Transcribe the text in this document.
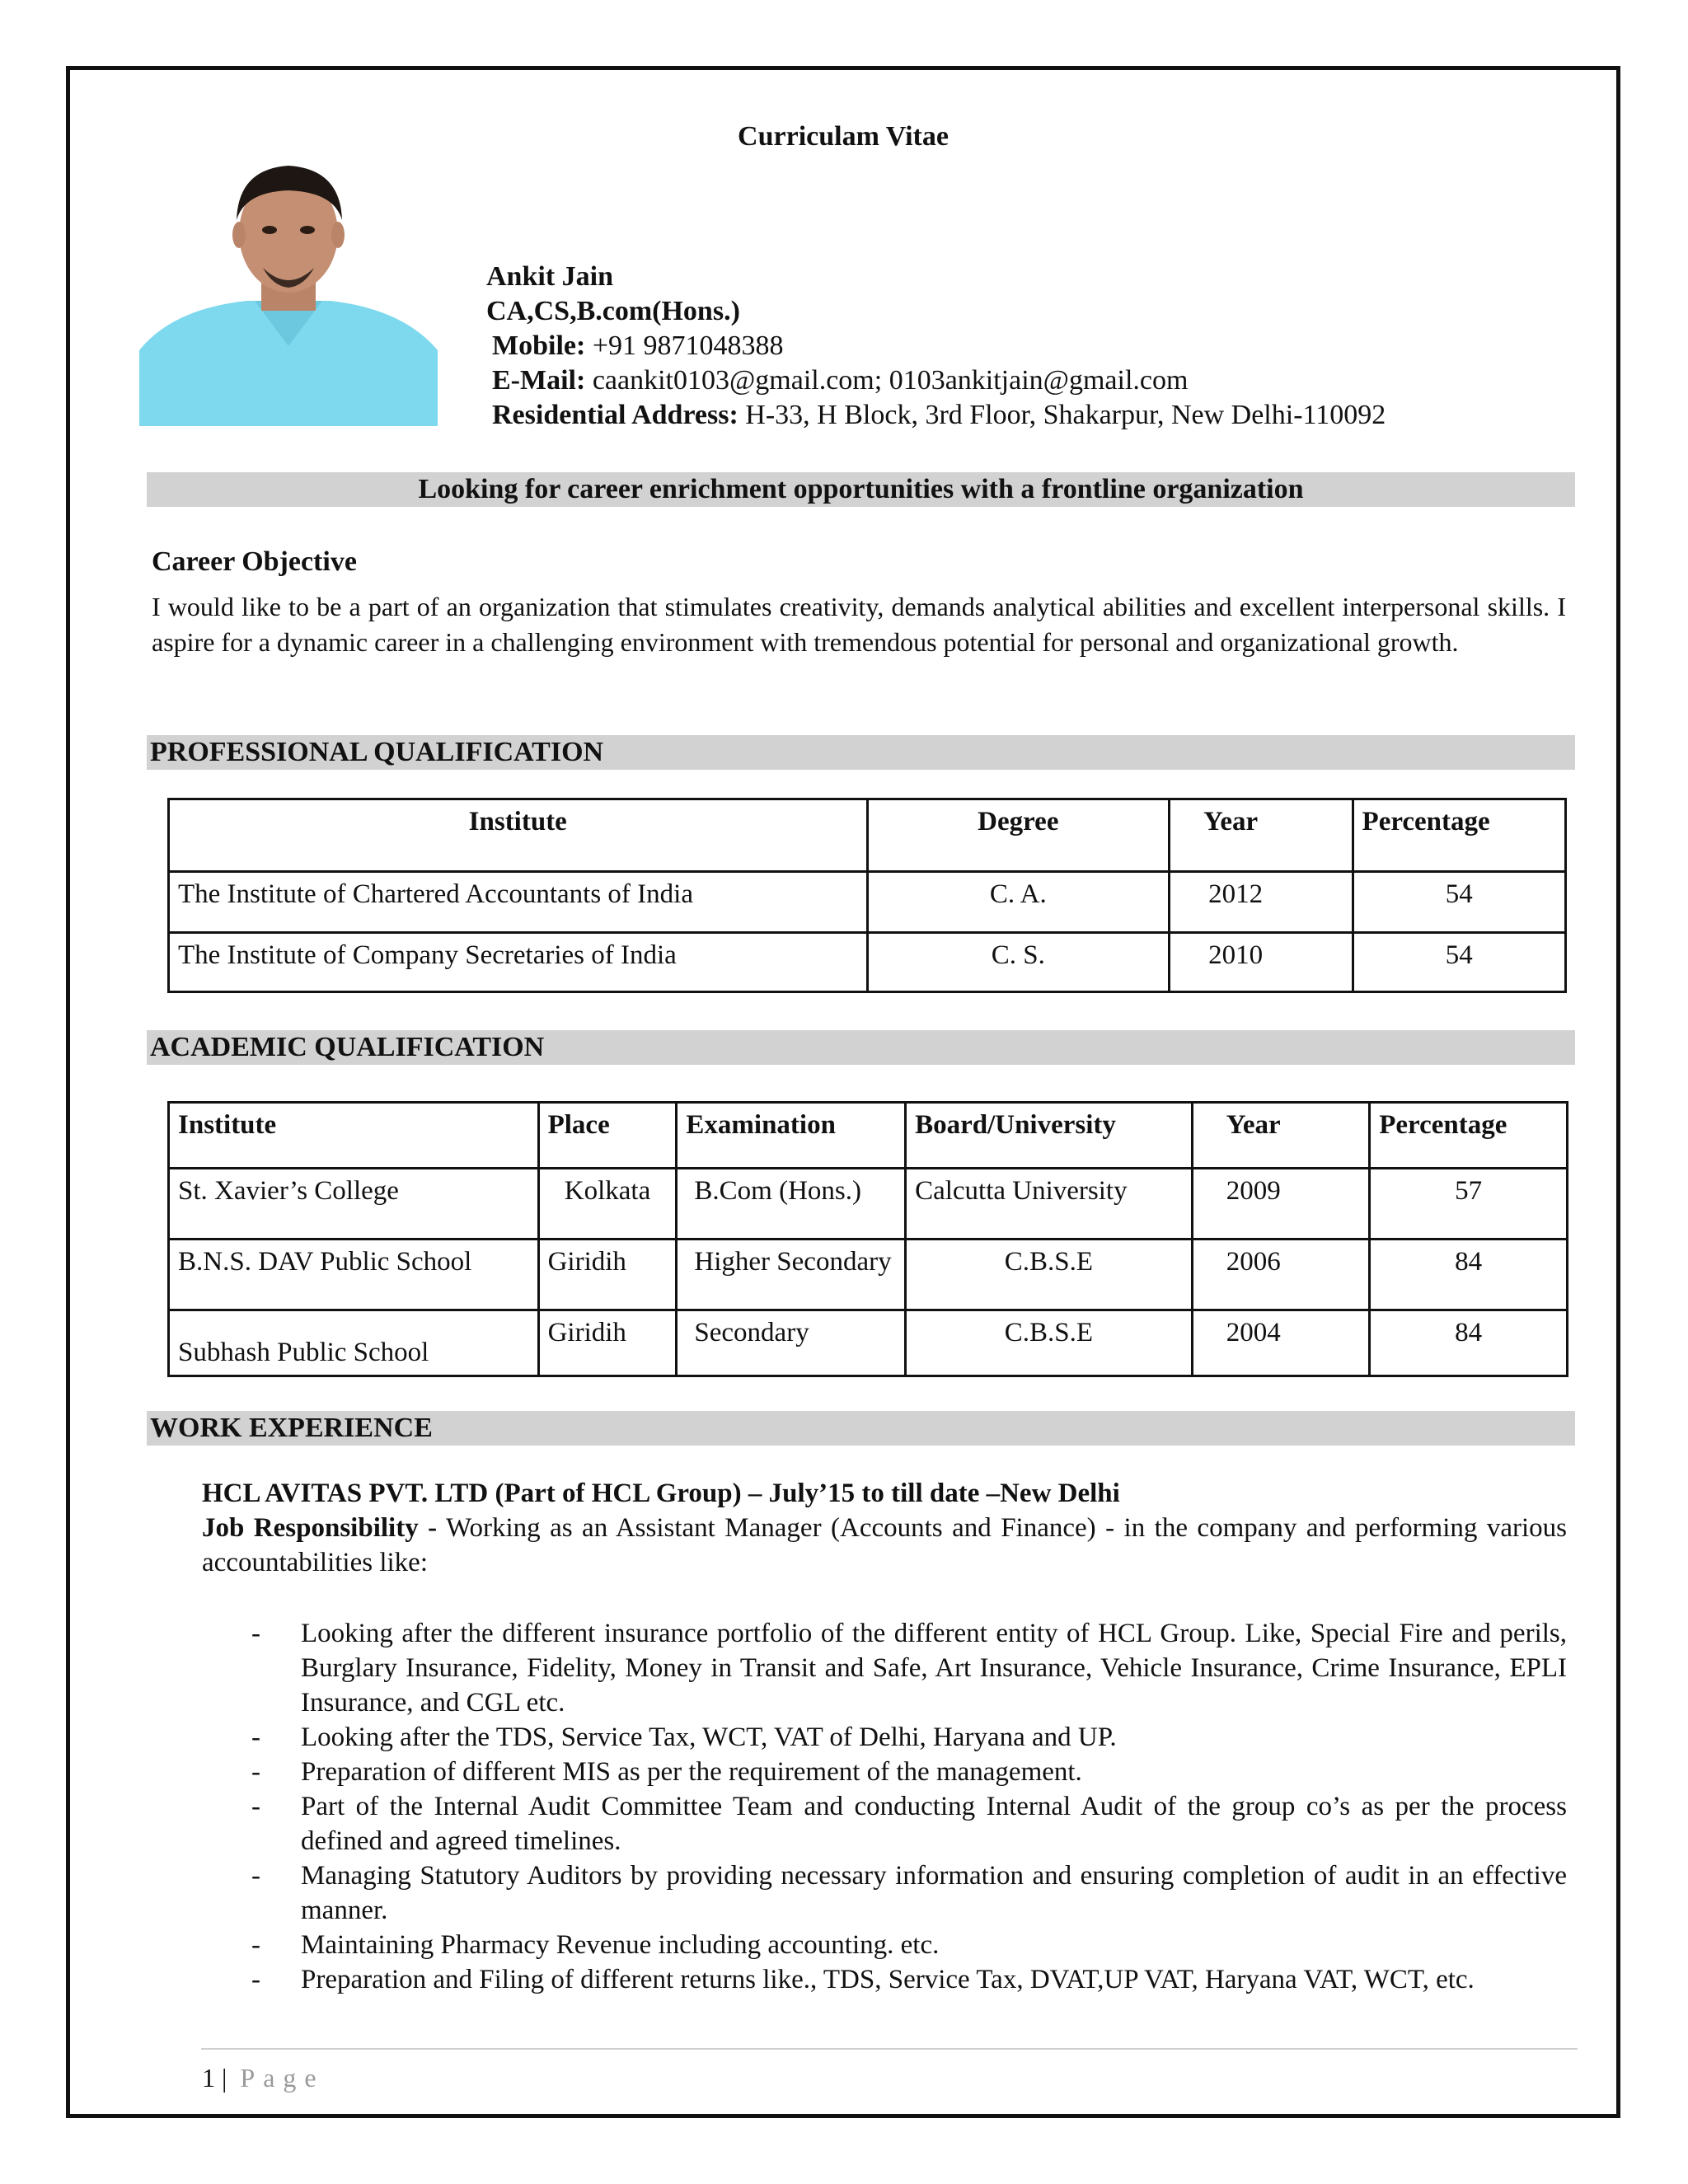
Curriculam Vitae
Ankit Jain
CA,CS,B.com(Hons.)
Mobile: +91 9871048388
E-Mail: caankit0103@gmail.com; 0103ankitjain@gmail.com
Residential Address: H-33, H Block, 3rd Floor, Shakarpur, New Delhi-110092
Looking for career enrichment opportunities with a frontline organization
Career Objective
I would like to be a part of an organization that stimulates creativity, demands analytical abilities and excellent interpersonal skills. I aspire for a dynamic career in a challenging environment with tremendous potential for personal and organizational growth.
PROFESSIONAL QUALIFICATION
Institute	Degree	Year	Percentage
The Institute of Chartered Accountants of India	C. A.	2012	54
The Institute of Company Secretaries of India	C. S.	2010	54
ACADEMIC QUALIFICATION
Institute	Place	Examination	Board/University	Year	Percentage
St. Xavier’s College	Kolkata	B.Com (Hons.)	Calcutta University	2009	57
B.N.S. DAV Public School	Giridih	Higher Secondary	C.B.S.E	2006	84
Subhash Public School	Giridih	Secondary	C.B.S.E	2004	84
WORK EXPERIENCE
HCL AVITAS PVT. LTD (Part of HCL Group) – July’15 to till date –New Delhi
Job Responsibility - Working as an Assistant Manager (Accounts and Finance) - in the company and performing various accountabilities like:
- Looking after the different insurance portfolio of the different entity of HCL Group. Like, Special Fire and perils, Burglary Insurance, Fidelity, Money in Transit and Safe, Art Insurance, Vehicle Insurance, Crime Insurance, EPLI Insurance, and CGL etc.
- Looking after the TDS, Service Tax, WCT, VAT of Delhi, Haryana and UP.
- Preparation of different MIS as per the requirement of the management.
- Part of the Internal Audit Committee Team and conducting Internal Audit of the group co’s as per the process defined and agreed timelines.
- Managing Statutory Auditors by providing necessary information and ensuring completion of audit in an effective manner.
- Maintaining Pharmacy Revenue including accounting. etc.
- Preparation and Filing of different returns like., TDS, Service Tax, DVAT,UP VAT, Haryana VAT, WCT, etc.
1 | Page
